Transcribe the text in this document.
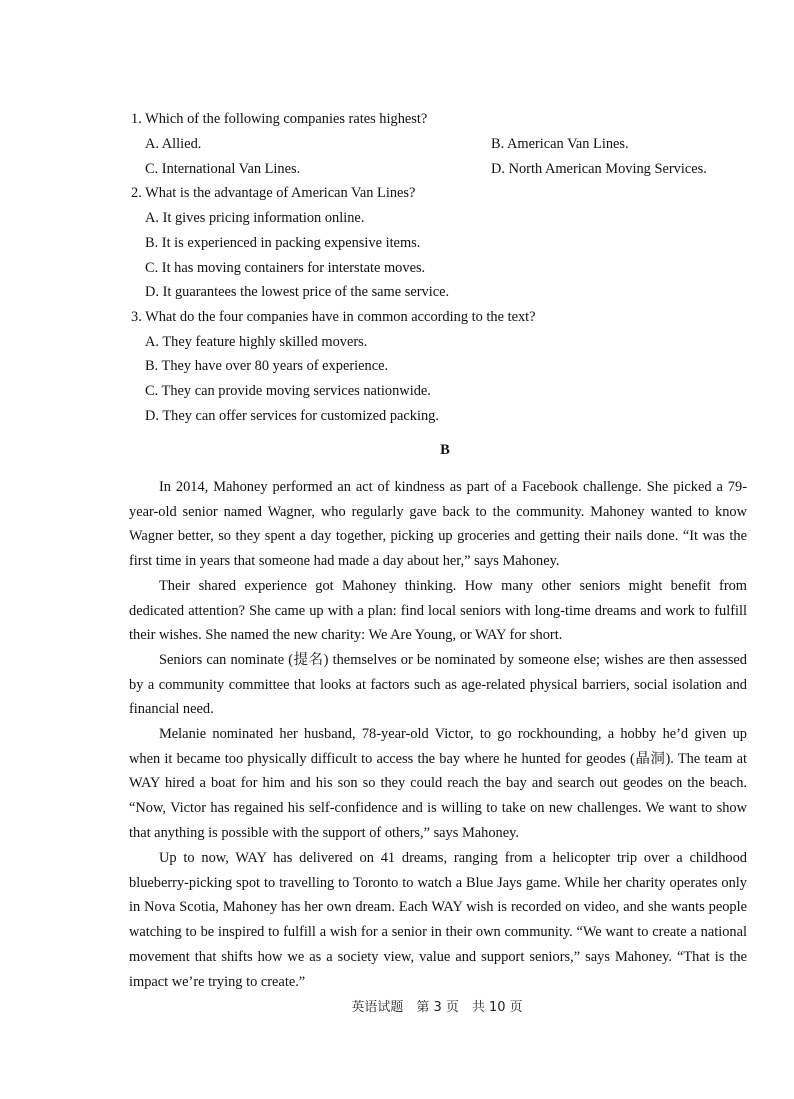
1. Which of the following companies rates highest?
A. Allied.	B. American Van Lines.
C. International Van Lines.	D. North American Moving Services.
2. What is the advantage of American Van Lines?
A. It gives pricing information online.
B. It is experienced in packing expensive items.
C. It has moving containers for interstate moves.
D. It guarantees the lowest price of the same service.
3. What do the four companies have in common according to the text?
A. They feature highly skilled movers.
B. They have over 80 years of experience.
C. They can provide moving services nationwide.
D. They can offer services for customized packing.
B

In 2014, Mahoney performed an act of kindness as part of a Facebook challenge. She picked a 79-year-old senior named Wagner, who regularly gave back to the community. Mahoney wanted to know Wagner better, so they spent a day together, picking up groceries and getting their nails done. “It was the first time in years that someone had made a day about her,” says Mahoney.

Their shared experience got Mahoney thinking. How many other seniors might benefit from dedicated attention? She came up with a plan: find local seniors with long-time dreams and work to fulfill their wishes. She named the new charity: We Are Young, or WAY for short.

Seniors can nominate (提名) themselves or be nominated by someone else; wishes are then assessed by a community committee that looks at factors such as age-related physical barriers, social isolation and financial need.

Melanie nominated her husband, 78-year-old Victor, to go rockhounding, a hobby he’d given up when it became too physically difficult to access the bay where he hunted for geodes (晶洞). The team at WAY hired a boat for him and his son so they could reach the bay and search out geodes on the beach. “Now, Victor has regained his self-confidence and is willing to take on new challenges. We want to show that anything is possible with the support of others,” says Mahoney.

Up to now, WAY has delivered on 41 dreams, ranging from a helicopter trip over a childhood blueberry-picking spot to travelling to Toronto to watch a Blue Jays game. While her charity operates only in Nova Scotia, Mahoney has her own dream. Each WAY wish is recorded on video, and she wants people watching to be inspired to fulfill a wish for a senior in their own community. “We want to create a national movement that shifts how we as a society view, value and support seniors,” says Mahoney. “That is the impact we’re trying to create.”

英语试题　第 3 页　共 10 页
